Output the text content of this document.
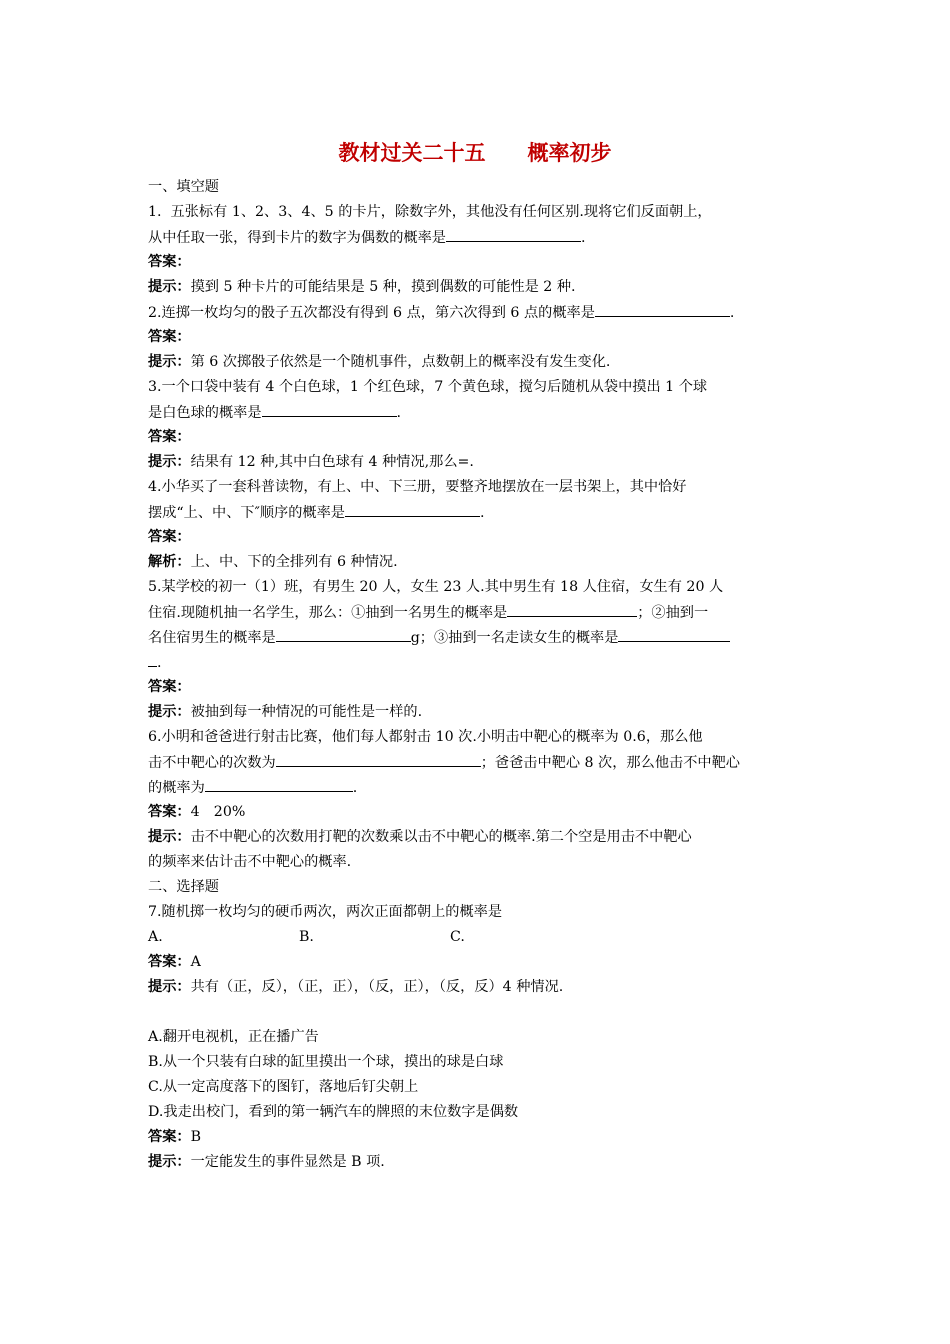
教材过关二十五　　概率初步
一、填空题
1.  五张标有 1、2、3、4、5 的卡片，除数字外，其他没有任何区别.现将它们反面朝上，
从中任取一张，得到卡片的数字为偶数的概率是	.
答案：
提示：摸到 5 种卡片的可能结果是 5 种，摸到偶数的可能性是 2 种.
2.连掷一枚均匀的骰子五次都没有得到 6 点，第六次得到 6 点的概率是	.
答案：
提示：第 6 次掷骰子依然是一个随机事件，点数朝上的概率没有发生变化.
3.一个口袋中装有 4 个白色球，1 个红色球，7 个黄色球，搅匀后随机从袋中摸出 1 个球
是白色球的概率是	.
答案：
提示：结果有 12 种,其中白色球有 4 种情况,那么=.
4.小华买了一套科普读物，有上、中、下三册，要整齐地摆放在一层书架上，其中恰好
摆成“上、中、下″顺序的概率是	.
答案：
解析：上、中、下的全排列有 6 种情况.
5.某学校的初一（1）班，有男生 20 人，女生 23 人.其中男生有 18 人住宿，女生有 20 人
住宿.现随机抽一名学生，那么：①抽到一名男生的概率是	；②抽到一
名住宿男生的概率是	g；③抽到一名走读女生的概率是
.
答案：
提示：被抽到每一种情况的可能性是一样的.
6.小明和爸爸进行射击比赛，他们每人都射击 10 次.小明击中靶心的概率为 0.6，那么他
击不中靶心的次数为	；爸爸击中靶心 8 次，那么他击不中靶心
的概率为	.
答案：4　20%
提示：击不中靶心的次数用打靶的次数乘以击不中靶心的概率.第二个空是用击不中靶心
的频率来估计击不中靶心的概率.
二、选择题
7.随机掷一枚均匀的硬币两次，两次正面都朝上的概率是
A.	B.	C.
答案：A
提示：共有（正，反），（正，正），（反，正），（反，反）4 种情况.
A.翻开电视机，正在播广告
B.从一个只装有白球的缸里摸出一个球，摸出的球是白球
C.从一定高度落下的图钉，落地后钉尖朝上
D.我走出校门，看到的第一辆汽车的牌照的末位数字是偶数
答案：B
提示：一定能发生的事件显然是 B 项.
